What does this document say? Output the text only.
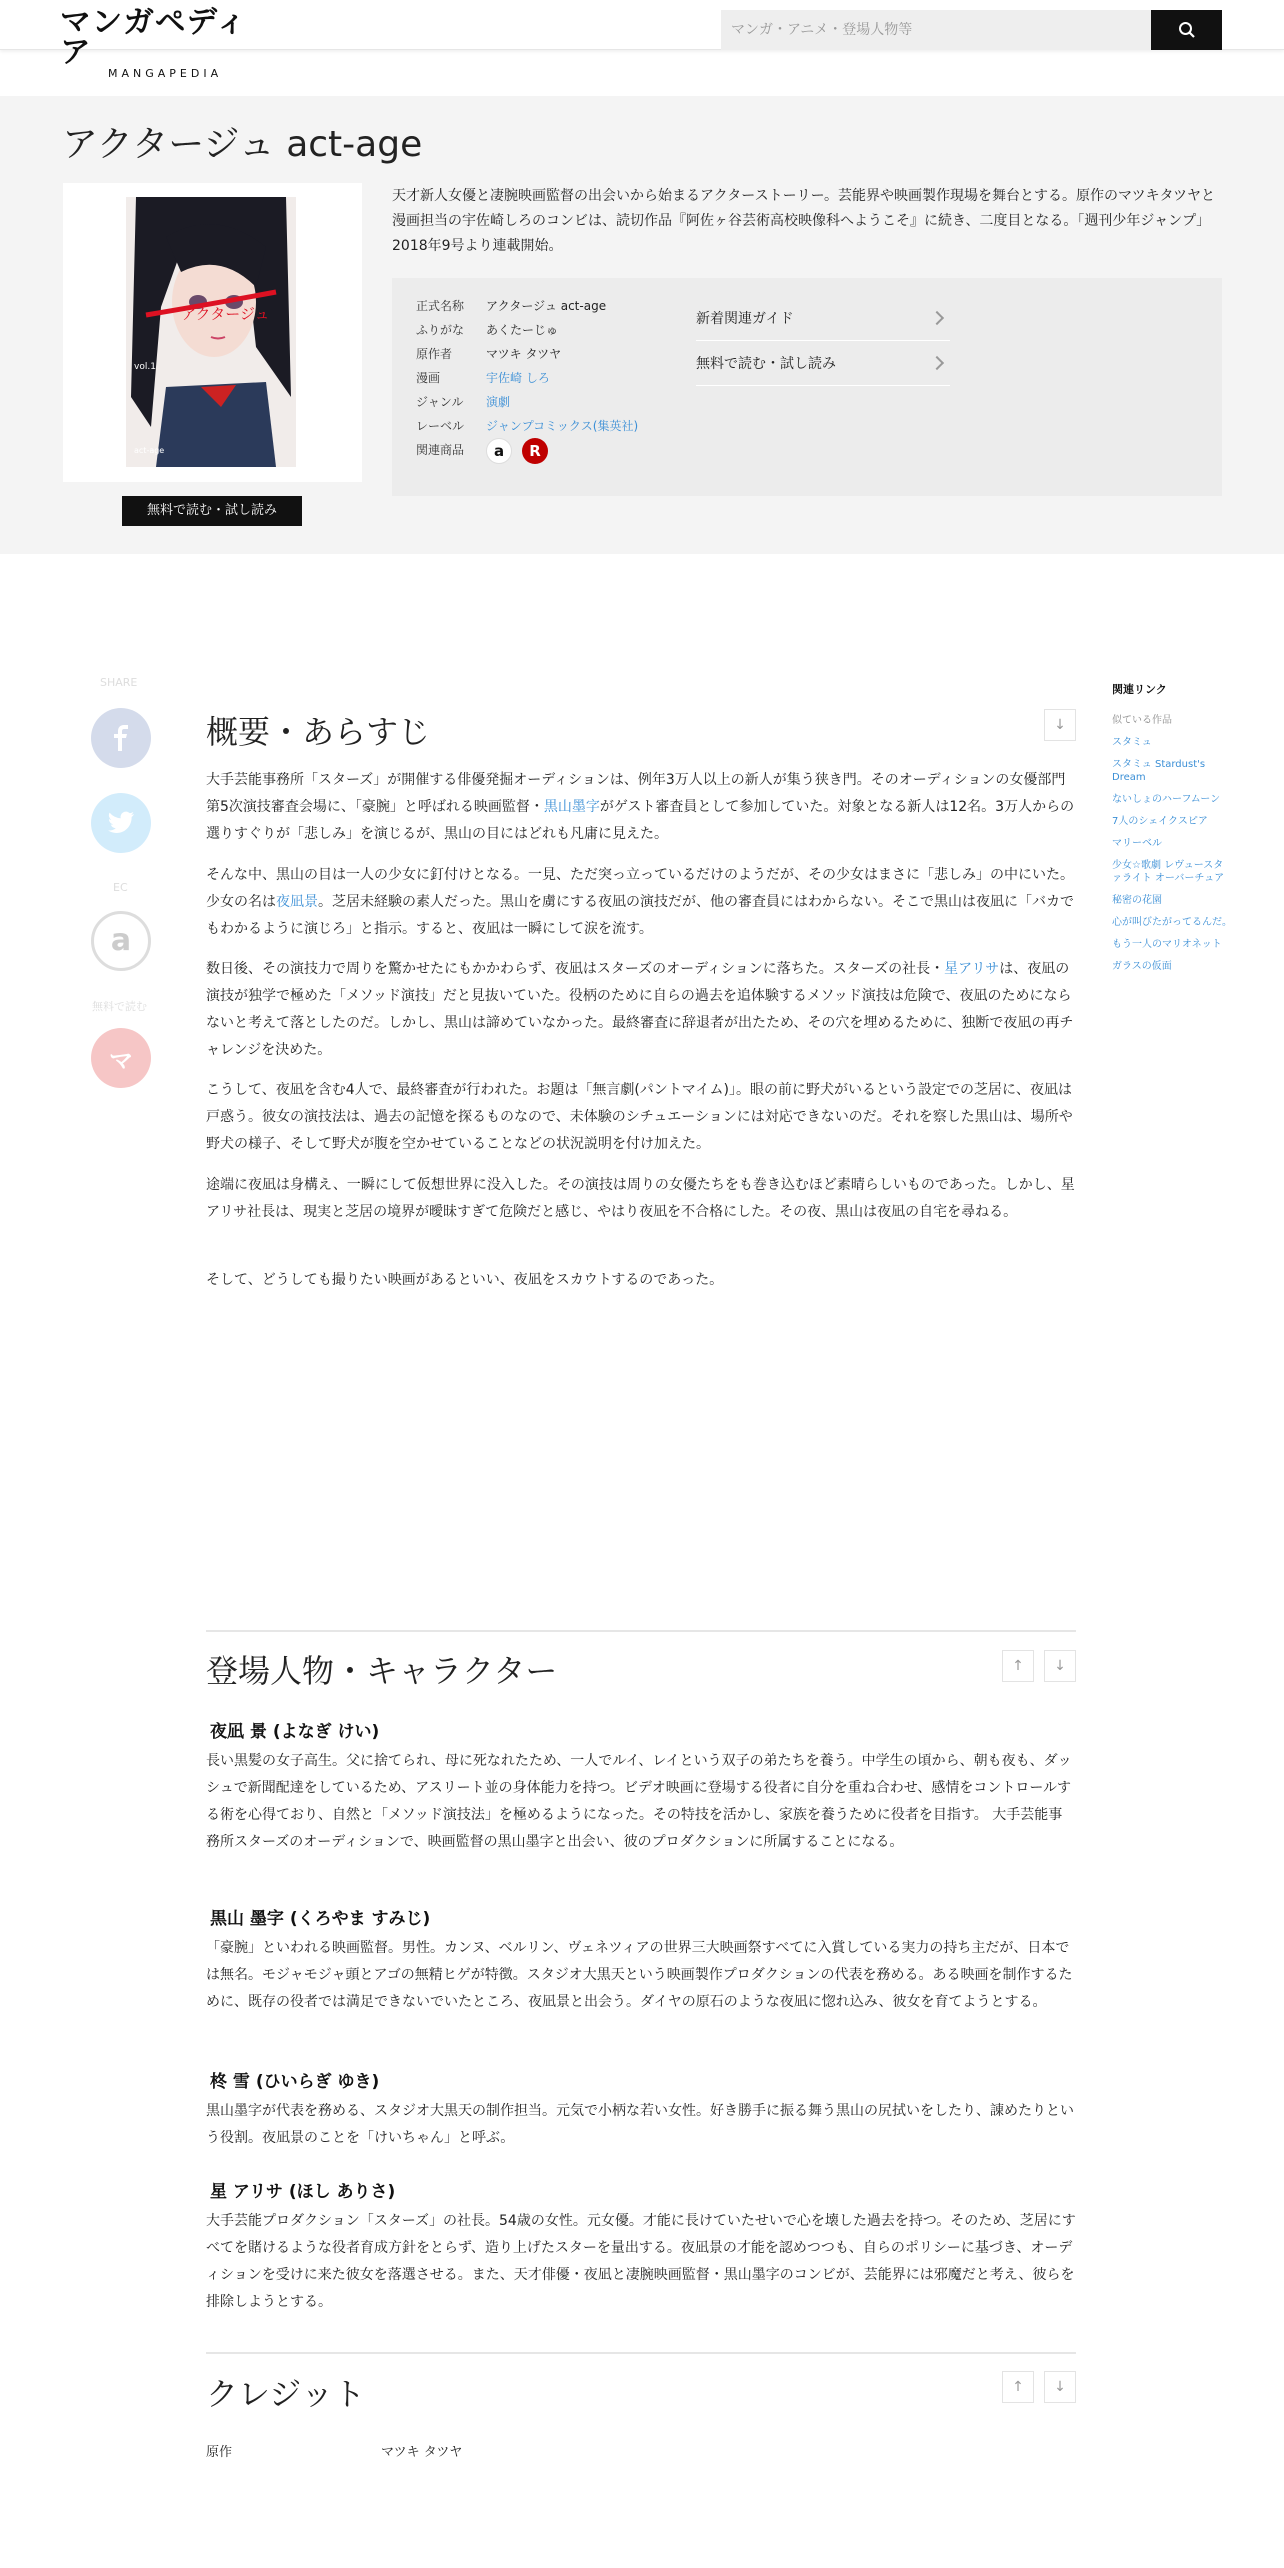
マンガペディア
MANGAPEDIA
マンガ・アニメ・登場人物等
アクタージュ act-age
アクタージュ
vol.1
act-age
無料で読む・試し読み

天才新人女優と凄腕映画監督の出会いから始まるアクターストーリー。芸能界や映画製作現場を舞台とする。原作のマツキタツヤと漫画担当の宇佐崎しろのコンビは、読切作品『阿佐ヶ谷芸術高校映像科へようこそ』に続き、二度目となる。「週刊少年ジャンプ」2018年9号より連載開始。

正式名称	アクタージュ act-age
ふりがな	あくたーじゅ
原作者	マツキ タツヤ
漫画	宇佐崎 しろ
ジャンル	演劇
レーベル	ジャンプコミックス(集英社)
関連商品	a	R
新着関連ガイド
無料で読む・試し読み
SHARE
EC
a
無料で読む
マ
概要・あらすじ	↓

大手芸能事務所「スターズ」が開催する俳優発掘オーディションは、例年3万人以上の新人が集う狭き門。そのオーディションの女優部門第5次演技審査会場に、「豪腕」と呼ばれる映画監督・黒山墨字がゲスト審査員として参加していた。対象となる新人は12名。3万人からの選りすぐりが「悲しみ」を演じるが、黒山の目にはどれも凡庸に見えた。

そんな中、黒山の目は一人の少女に釘付けとなる。一見、ただ突っ立っているだけのようだが、その少女はまさに「悲しみ」の中にいた。少女の名は夜凪景。芝居未経験の素人だった。黒山を虜にする夜凪の演技だが、他の審査員にはわからない。そこで黒山は夜凪に「バカでもわかるように演じろ」と指示。すると、夜凪は一瞬にして涙を流す。

数日後、その演技力で周りを驚かせたにもかかわらず、夜凪はスターズのオーディションに落ちた。スターズの社長・星アリサは、夜凪の演技が独学で極めた「メソッド演技」だと見抜いていた。役柄のために自らの過去を追体験するメソッド演技は危険で、夜凪のためにならないと考えて落としたのだ。しかし、黒山は諦めていなかった。最終審査に辞退者が出たため、その穴を埋めるために、独断で夜凪の再チャレンジを決めた。

こうして、夜凪を含む4人で、最終審査が行われた。お題は「無言劇(パントマイム)」。眼の前に野犬がいるという設定での芝居に、夜凪は戸惑う。彼女の演技法は、過去の記憶を探るものなので、未体験のシチュエーションには対応できないのだ。それを察した黒山は、場所や野犬の様子、そして野犬が腹を空かせていることなどの状況説明を付け加えた。

途端に夜凪は身構え、一瞬にして仮想世界に没入した。その演技は周りの女優たちをも巻き込むほど素晴らしいものであった。しかし、星アリサ社長は、現実と芝居の境界が曖昧すぎて危険だと感じ、やはり夜凪を不合格にした。その夜、黒山は夜凪の自宅を尋ねる。

そして、どうしても撮りたい映画があるといい、夜凪をスカウトするのであった。

登場人物・キャラクター	↑ ↓
夜凪 景 (よなぎ けい)

長い黒髪の女子高生。父に捨てられ、母に死なれたため、一人でルイ、レイという双子の弟たちを養う。中学生の頃から、朝も夜も、ダッシュで新聞配達をしているため、アスリート並の身体能力を持つ。ビデオ映画に登場する役者に自分を重ね合わせ、感情をコントロールする術を心得ており、自然と「メソッド演技法」を極めるようになった。その特技を活かし、家族を養うために役者を目指す。 大手芸能事務所スターズのオーディションで、映画監督の黒山墨字と出会い、彼のプロダクションに所属することになる。

黒山 墨字 (くろやま すみじ)

「豪腕」といわれる映画監督。男性。カンヌ、ベルリン、ヴェネツィアの世界三大映画祭すべてに入賞している実力の持ち主だが、日本では無名。モジャモジャ頭とアゴの無精ヒゲが特徴。スタジオ大黒天という映画製作プロダクションの代表を務める。ある映画を制作するために、既存の役者では満足できないでいたところ、夜凪景と出会う。ダイヤの原石のような夜凪に惚れ込み、彼女を育てようとする。

柊 雪 (ひいらぎ ゆき)

黒山墨字が代表を務める、スタジオ大黒天の制作担当。元気で小柄な若い女性。好き勝手に振る舞う黒山の尻拭いをしたり、諌めたりという役割。夜凪景のことを「けいちゃん」と呼ぶ。

星 アリサ (ほし ありさ)

大手芸能プロダクション「スターズ」の社長。54歳の女性。元女優。才能に長けていたせいで心を壊した過去を持つ。そのため、芝居にすべてを賭けるような役者育成方針をとらず、造り上げたスターを量出する。夜凪景の才能を認めつつも、自らのポリシーに基づき、オーディションを受けに来た彼女を落選させる。また、天才俳優・夜凪と凄腕映画監督・黒山墨字のコンビが、芸能界には邪魔だと考え、彼らを排除しようとする。

クレジット	↑ ↓
原作	マツキ タツヤ
関連リンク
似ている作品
スタミュ
スタミュ Stardust's Dream
ないしょのハーフムーン
7人のシェイクスピア
マリーベル
少女☆歌劇 レヴュースタァライト オーバーチュア
秘密の花園
心が叫びたがってるんだ。
もう一人のマリオネット
ガラスの仮面
